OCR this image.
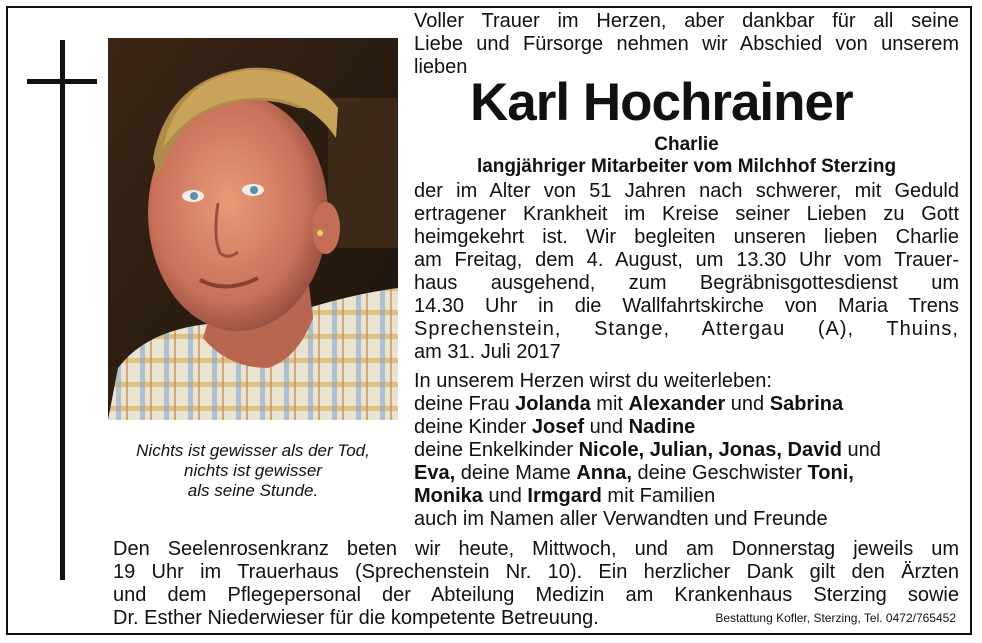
Nichts ist gewisser als der Tod,
nichts ist gewisser
als seine Stunde.
Voller Trauer im Herzen, aber dankbar für all seine
Liebe und Fürsorge nehmen wir Abschied von unserem
lieben
Karl Hochrainer
Charlie
langjähriger Mitarbeiter vom Milchhof Sterzing
der im Alter von 51 Jahren nach schwerer, mit Geduld
ertragener Krankheit im Kreise seiner Lieben zu Gott
heimgekehrt ist. Wir begleiten unseren lieben Charlie
am Freitag, dem 4. August, um 13.30 Uhr vom Trauer-
haus ausgehend, zum Begräbnisgottesdienst um
14.30 Uhr in die Wallfahrtskirche von Maria Trens
Sprechenstein, Stange, Attergau (A), Thuins,
am 31. Juli 2017
In unserem Herzen wirst du weiterleben:
deine Frau Jolanda mit Alexander und Sabrina
deine Kinder Josef und Nadine
deine Enkelkinder Nicole, Julian, Jonas, David und
Eva, deine Mame Anna, deine Geschwister Toni,
Monika und Irmgard mit Familien
auch im Namen aller Verwandten und Freunde
Den Seelenrosenkranz beten wir heute, Mittwoch, und am Donnerstag jeweils um
19 Uhr im Trauerhaus (Sprechenstein Nr. 10). Ein herzlicher Dank gilt den Ärzten
und dem Pflegepersonal der Abteilung Medizin am Krankenhaus Sterzing sowie
Dr. Esther Niederwieser für die kompetente Betreuung.	Bestattung Kofler, Sterzing, Tel. 0472/765452
